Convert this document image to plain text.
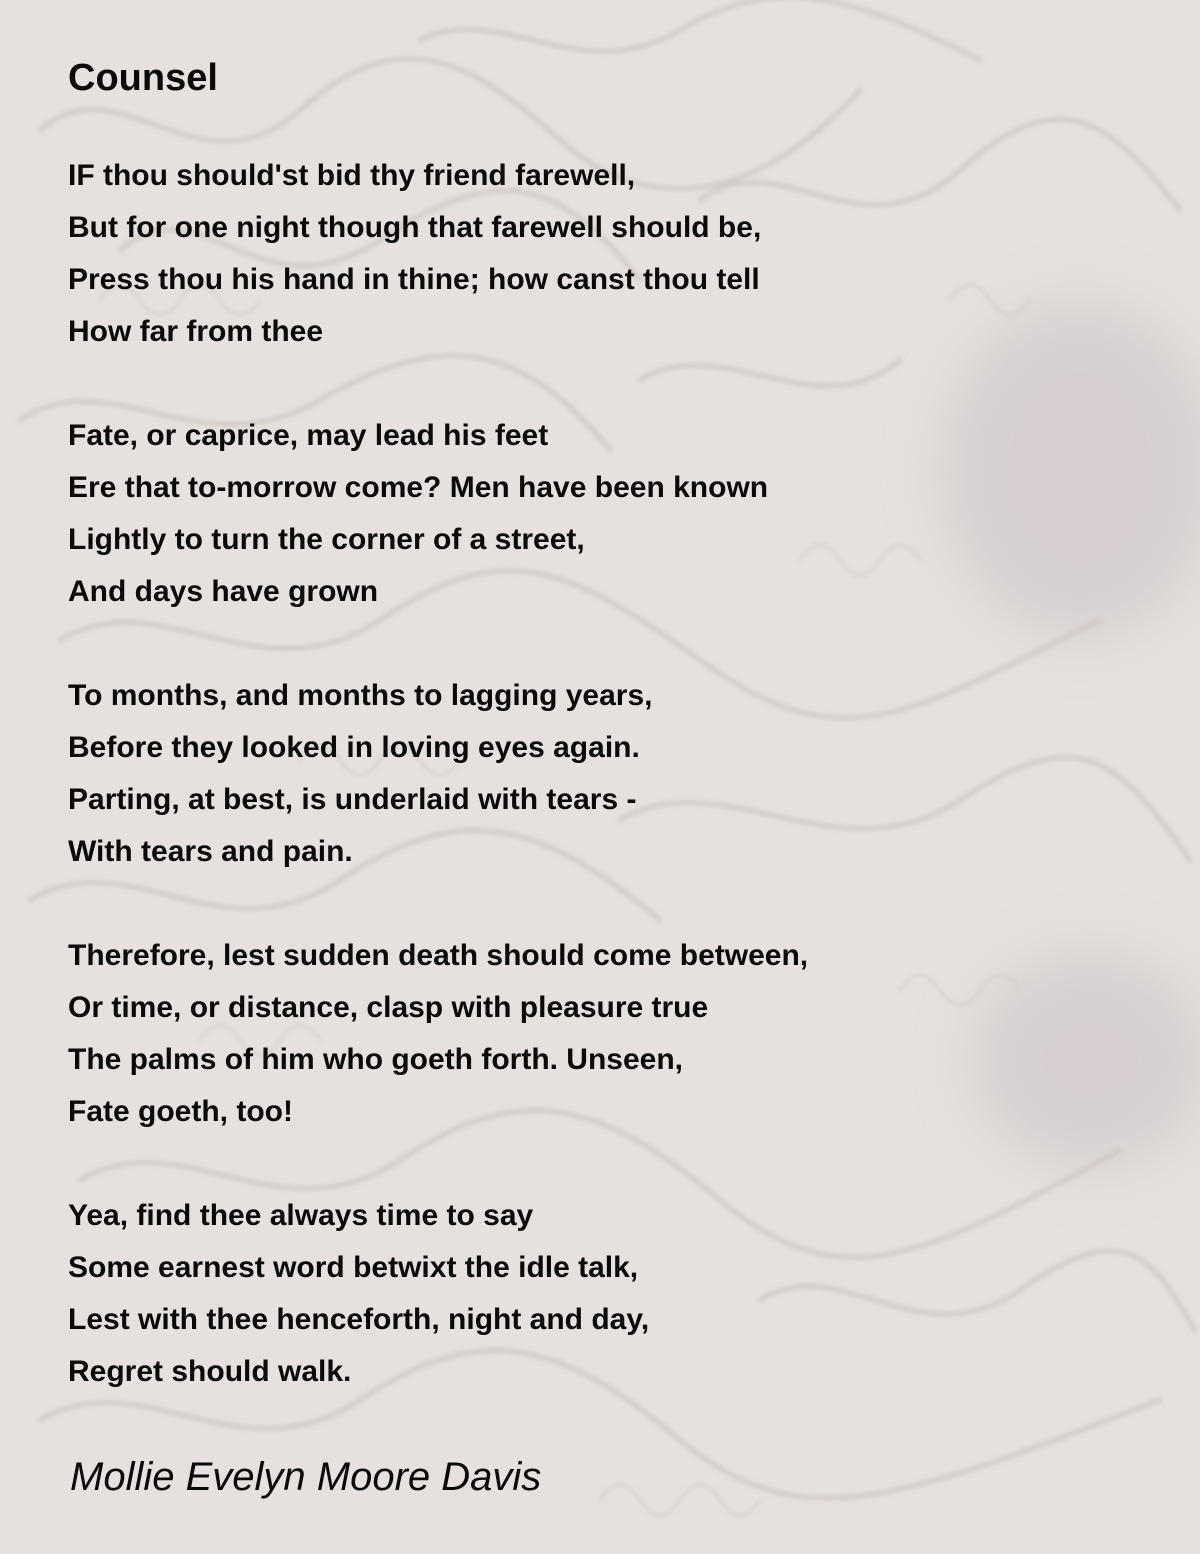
Counsel
IF thou should'st bid thy friend farewell,
But for one night though that farewell should be,
Press thou his hand in thine; how canst thou tell
How far from thee
Fate, or caprice, may lead his feet
Ere that to-morrow come? Men have been known
Lightly to turn the corner of a street,
And days have grown
To months, and months to lagging years,
Before they looked in loving eyes again.
Parting, at best, is underlaid with tears -
With tears and pain.
Therefore, lest sudden death should come between,
Or time, or distance, clasp with pleasure true
The palms of him who goeth forth. Unseen,
Fate goeth, too!
Yea, find thee always time to say
Some earnest word betwixt the idle talk,
Lest with thee henceforth, night and day,
Regret should walk.
Mollie Evelyn Moore Davis
